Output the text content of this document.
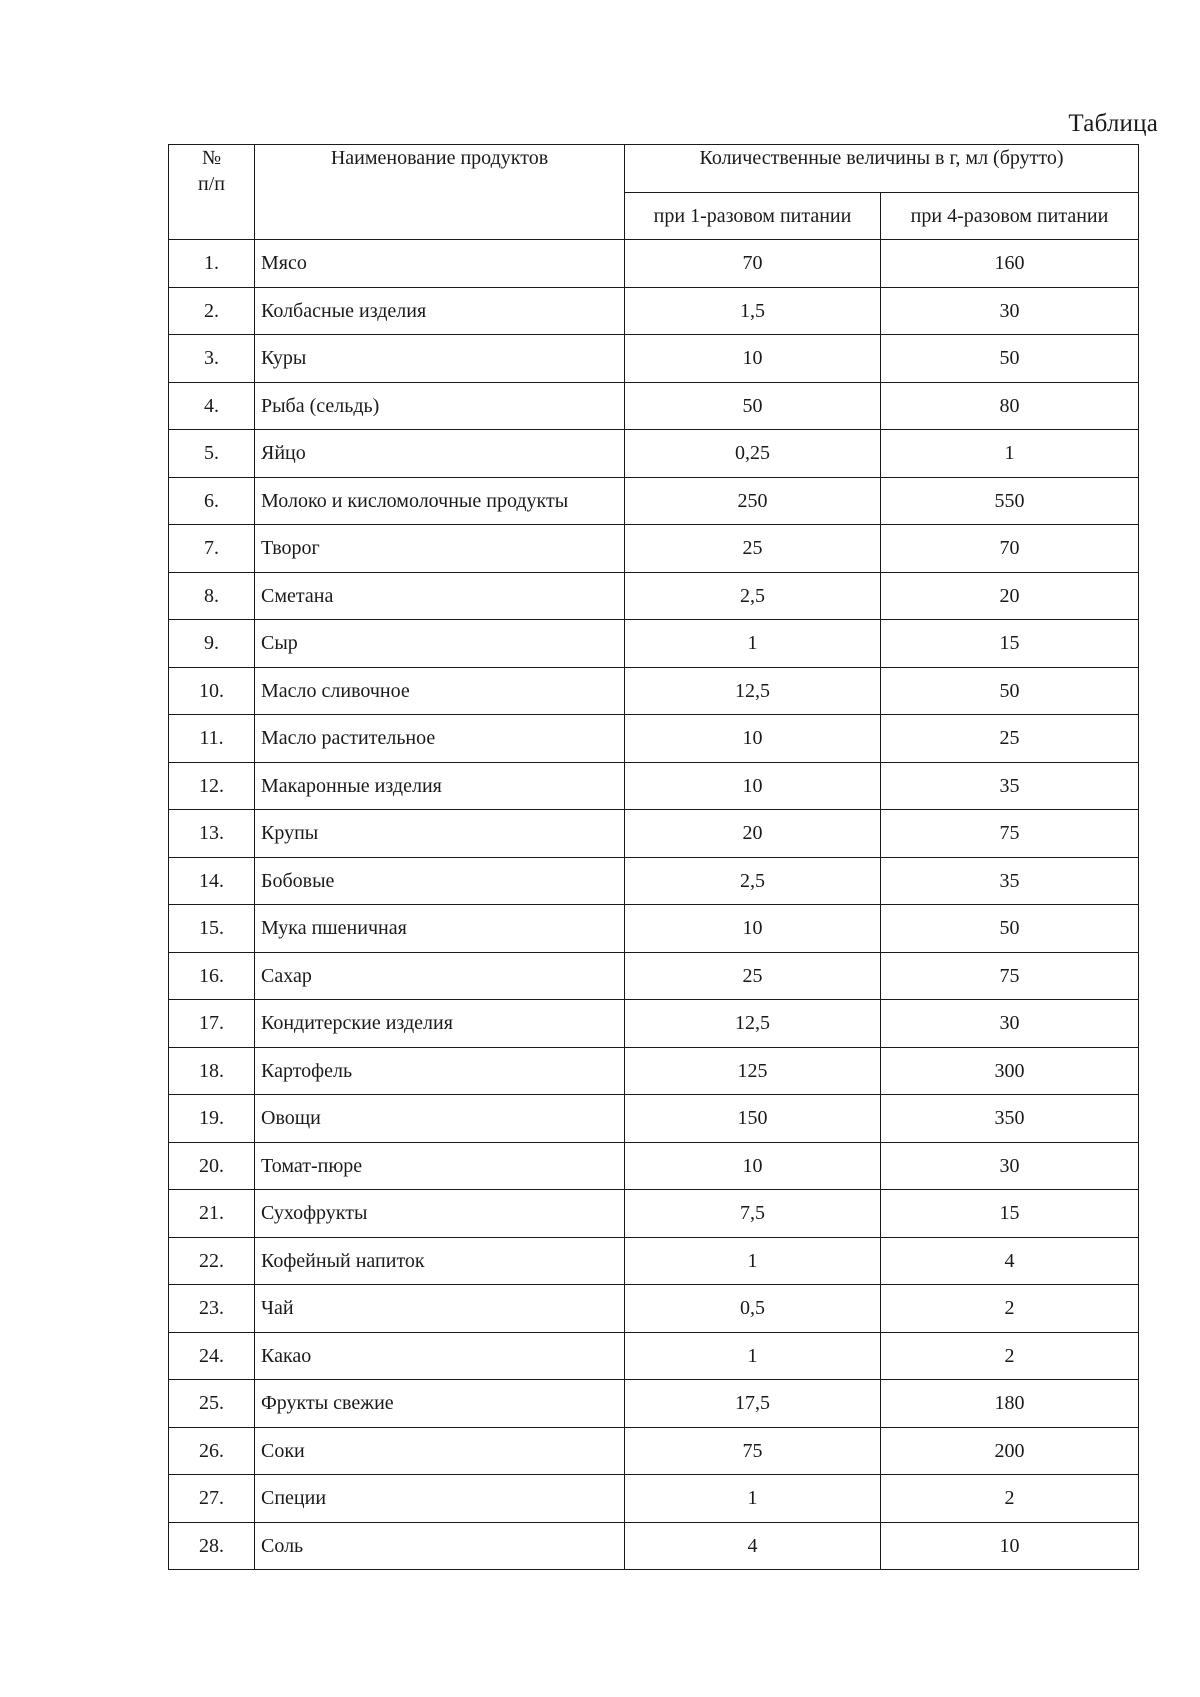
Таблица
№
п/п	Наименование продуктов	Количественные величины в г, мл (брутто)	
		при 1-разовом питании	при 4-разовом питании
1.	Мясо	70	160
2.	Колбасные изделия	1,5	30
3.	Куры	10	50
4.	Рыба (сельдь)	50	80
5.	Яйцо	0,25	1
6.	Молоко и кисломолочные продукты	250	550
7.	Творог	25	70
8.	Сметана	2,5	20
9.	Сыр	1	15
10.	Масло сливочное	12,5	50
11.	Масло растительное	10	25
12.	Макаронные изделия	10	35
13.	Крупы	20	75
14.	Бобовые	2,5	35
15.	Мука пшеничная	10	50
16.	Сахар	25	75
17.	Кондитерские изделия	12,5	30
18.	Картофель	125	300
19.	Овощи	150	350
20.	Томат-пюре	10	30
21.	Сухофрукты	7,5	15
22.	Кофейный напиток	1	4
23.	Чай	0,5	2
24.	Какао	1	2
25.	Фрукты свежие	17,5	180
26.	Соки	75	200
27.	Специи	1	2
28.	Соль	4	10
